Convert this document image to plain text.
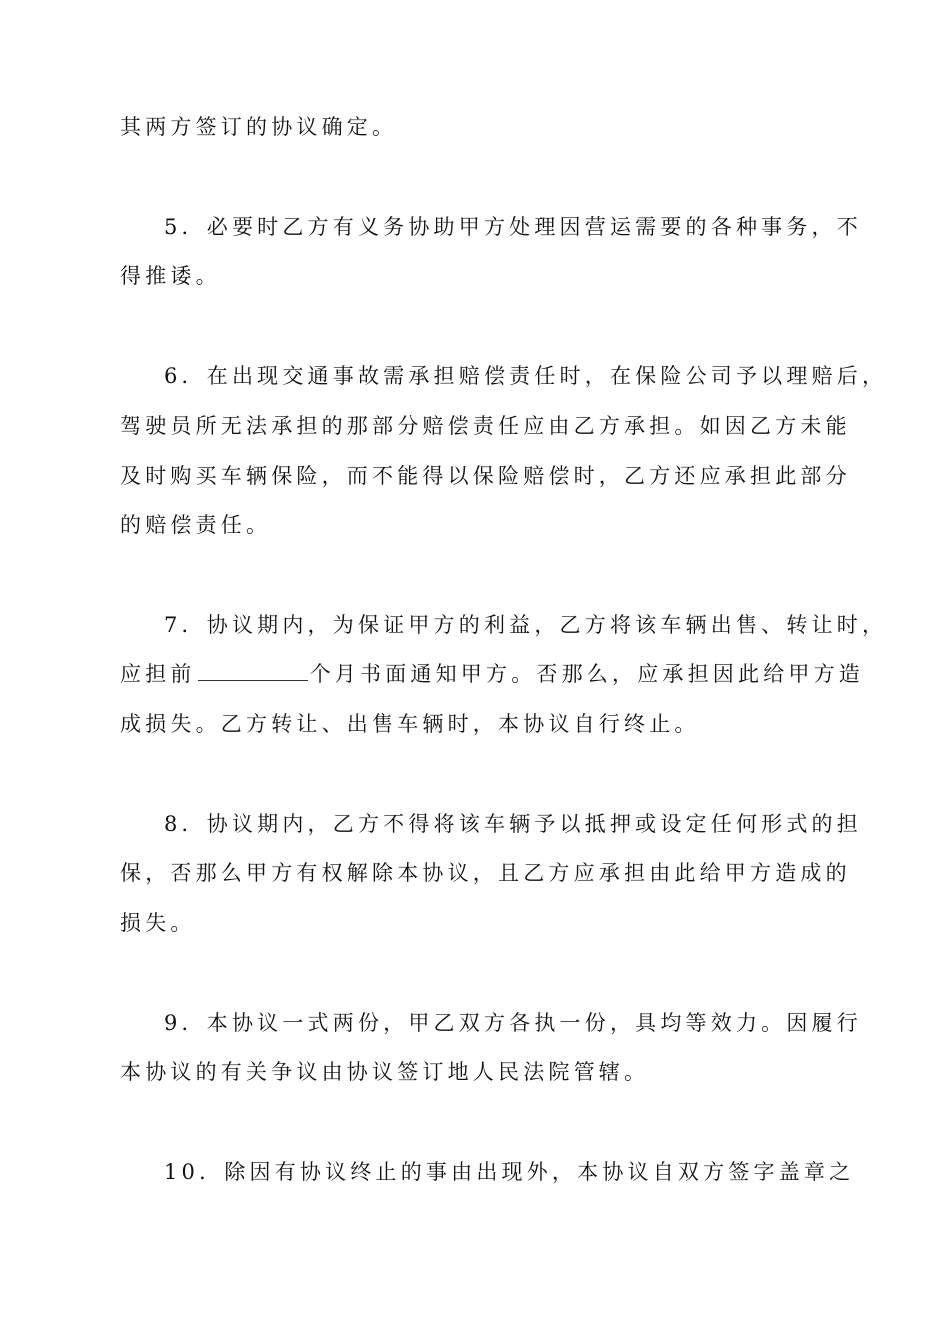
其两方签订的协议确定。

5．必要时乙方有义务协助甲方处理因营运需要的各种事务，不

得推诿。

6．在出现交通事故需承担赔偿责任时，在保险公司予以理赔后，

驾驶员所无法承担的那部分赔偿责任应由乙方承担。如因乙方未能

及时购买车辆保险，而不能得以保险赔偿时，乙方还应承担此部分

的赔偿责任。

7．协议期内，为保证甲方的利益，乙方将该车辆出售、转让时，

应担前	个月书面通知甲方。否那么，应承担因此给甲方造

成损失。乙方转让、出售车辆时，本协议自行终止。

8．协议期内，乙方不得将该车辆予以抵押或设定任何形式的担

保，否那么甲方有权解除本协议，且乙方应承担由此给甲方造成的

损失。

9．本协议一式两份，甲乙双方各执一份，具均等效力。因履行

本协议的有关争议由协议签订地人民法院管辖。

10．除因有协议终止的事由出现外，本协议自双方签字盖章之
